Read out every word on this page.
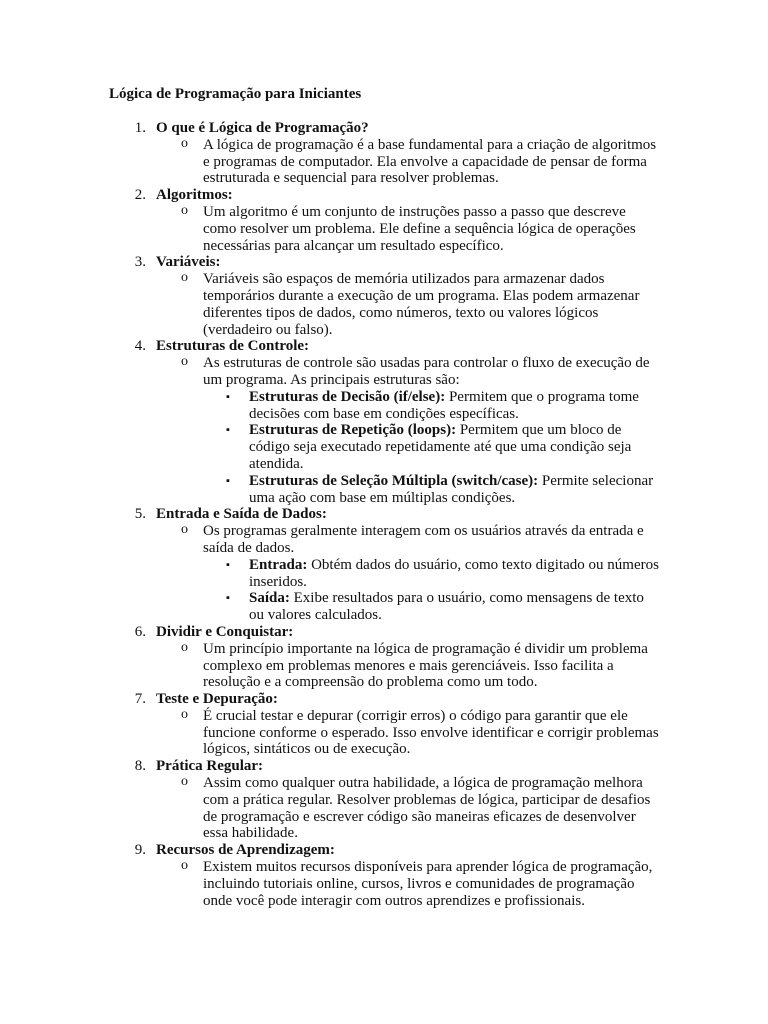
Lógica de Programação para Iniciantes
1. O que é Lógica de Programação?
o A lógica de programação é a base fundamental para a criação de algoritmos e programas de computador. Ela envolve a capacidade de pensar de forma estruturada e sequencial para resolver problemas.
2. Algoritmos:
o Um algoritmo é um conjunto de instruções passo a passo que descreve como resolver um problema. Ele define a sequência lógica de operações necessárias para alcançar um resultado específico.
3. Variáveis:
o Variáveis são espaços de memória utilizados para armazenar dados temporários durante a execução de um programa. Elas podem armazenar diferentes tipos de dados, como números, texto ou valores lógicos (verdadeiro ou falso).
4. Estruturas de Controle:
o As estruturas de controle são usadas para controlar o fluxo de execução de um programa. As principais estruturas são:
▪ Estruturas de Decisão (if/else): Permitem que o programa tome decisões com base em condições específicas.
▪ Estruturas de Repetição (loops): Permitem que um bloco de código seja executado repetidamente até que uma condição seja atendida.
▪ Estruturas de Seleção Múltipla (switch/case): Permite selecionar uma ação com base em múltiplas condições.
5. Entrada e Saída de Dados:
o Os programas geralmente interagem com os usuários através da entrada e saída de dados.
▪ Entrada: Obtém dados do usuário, como texto digitado ou números inseridos.
▪ Saída: Exibe resultados para o usuário, como mensagens de texto ou valores calculados.
6. Dividir e Conquistar:
o Um princípio importante na lógica de programação é dividir um problema complexo em problemas menores e mais gerenciáveis. Isso facilita a resolução e a compreensão do problema como um todo.
7. Teste e Depuração:
o É crucial testar e depurar (corrigir erros) o código para garantir que ele funcione conforme o esperado. Isso envolve identificar e corrigir problemas lógicos, sintáticos ou de execução.
8. Prática Regular:
o Assim como qualquer outra habilidade, a lógica de programação melhora com a prática regular. Resolver problemas de lógica, participar de desafios de programação e escrever código são maneiras eficazes de desenvolver essa habilidade.
9. Recursos de Aprendizagem:
o Existem muitos recursos disponíveis para aprender lógica de programação, incluindo tutoriais online, cursos, livros e comunidades de programação onde você pode interagir com outros aprendizes e profissionais.
